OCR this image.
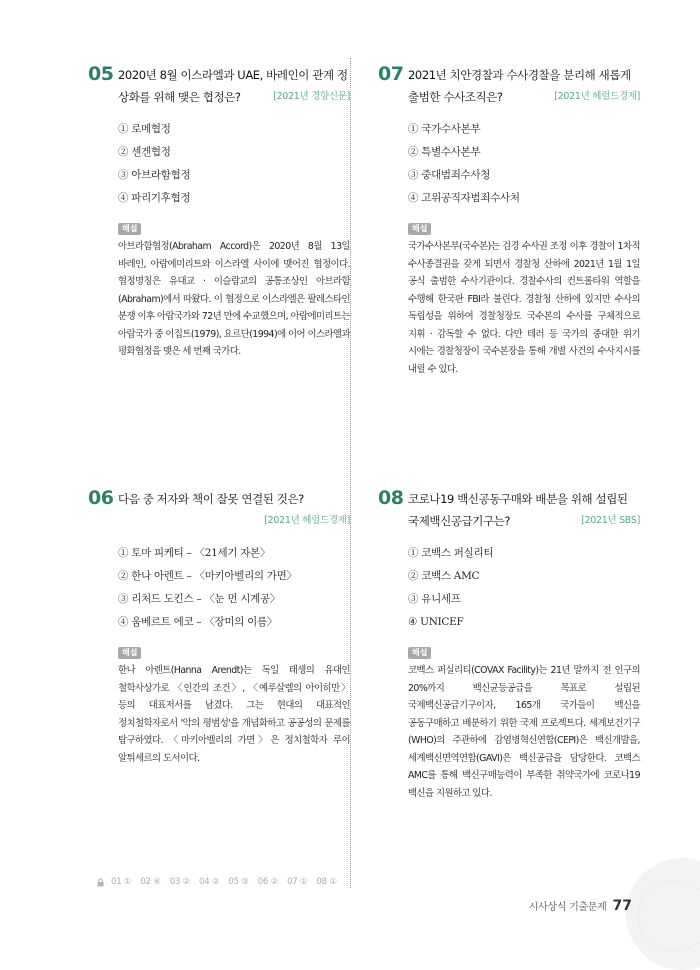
05 2020년 8월 이스라엘과 UAE, 바레인이 관계 정상화를 위해 맺은 협정은?	[2021년 경향신문]
① 로메협정
② 센겐협정
③ 아브라함협정
④ 파리기후협정
해설
아브라함협정(Abraham Accord)은 2020년 8월 13일 바레인, 아랍에미리트와 이스라엘 사이에 맺어진 협정이다. 협정명칭은 유대교 · 이슬람교의 공통조상인 아브라함(Abraham)에서 따왔다. 이 협정으로 이스라엘은 팔레스타인 분쟁 이후 아랍국가와 72년 만에 수교했으며, 아랍에미리트는 아랍국가 중 이집트(1979), 요르단(1994)에 이어 이스라엘과 평화협정을 맺은 세 번째 국가다.
06 다음 중 저자와 책이 잘못 연결된 것은?

[2021년 헤럴드경제]
① 토마 피케티 – 〈21세기 자본〉
② 한나 아렌트 – 〈마키아벨리의 가면〉
③ 리처드 도킨스 – 〈눈 먼 시계공〉
④ 움베르트 에코 – 〈장미의 이름〉
해설
한나 아렌트(Hanna Arendt)는 독일 태생의 유대인 철학사상가로 〈인간의 조건〉, 〈예루살렘의 아이히만〉 등의 대표저서를 남겼다. 그는 현대의 대표적인 정치철학자로서 '악의 평범성'을 개념화하고 공공성의 문제를 탐구하였다. 〈마키아벨리의 가면〉은 정치철학자 루이 알튀세르의 도서이다.
07 2021년 치안경찰과 수사경찰을 분리해 새롭게 출범한 수사조직은?	[2021년 헤럴드경제]
① 국가수사본부
② 특별수사본부
③ 중대범죄수사청
④ 고위공직자범죄수사처
해설
국가수사본부(국수본)는 검경 수사권 조정 이후 경찰이 1차적 수사종결권을 갖게 되면서 경찰청 산하에 2021년 1월 1일 공식 출범한 수사기관이다. 경찰수사의 컨트롤타워 역할을 수행해 한국판 FBI라 불린다. 경찰청 산하에 있지만 수사의 독립성을 위하여 경찰청장도 국수본의 수사를 구체적으로 지휘 · 감독할 수 없다. 다만 테러 등 국가의 중대한 위기 시에는 경찰청장이 국수본장을 통해 개별 사건의 수사지시를 내릴 수 있다.
08 코로나19 백신공동구매와 배분을 위해 설립된 국제백신공급기구는?	[2021년 SBS]
① 코백스 퍼실리티
② 코백스 AMC
③ 유니세프
④ UNICEF
해설
코백스 퍼실리티(COVAX Facility)는 21년 말까지 전 인구의 20%까지 백신균등공급을 목표로 설립된 국제백신공급기구이자, 165개 국가들이 백신을 공동구매하고 배분하기 위한 국제 프로젝트다. 세계보건기구(WHO)의 주관하에 감염병혁신연합(CEPI)은 백신개발을, 세계백신면역연합(GAVI)은 백신공급을 담당한다. 코백스 AMC를 통해 백신구매능력이 부족한 취약국가에 코로나19 백신을 지원하고 있다.
01 ① 02 ④ 03 ② 04 ② 05 ③ 06 ② 07 ① 08 ①
시사상식 기출문제 77
